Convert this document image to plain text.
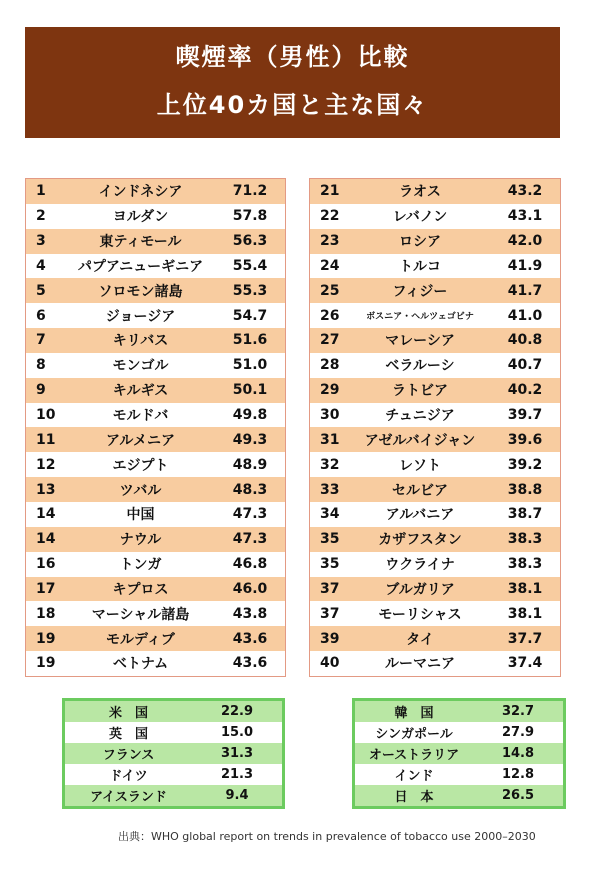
喫煙率（男性）比較
上位40カ国と主な国々
1	インドネシア	71.2
2	ヨルダン	57.8
3	東ティモール	56.3
4	パプアニューギニア	55.4
5	ソロモン諸島	55.3
6	ジョージア	54.7
7	キリバス	51.6
8	モンゴル	51.0
9	キルギス	50.1
10	モルドバ	49.8
11	アルメニア	49.3
12	エジプト	48.9
13	ツバル	48.3
14	中国	47.3
14	ナウル	47.3
16	トンガ	46.8
17	キプロス	46.0
18	マーシャル諸島	43.8
19	モルディブ	43.6
19	ベトナム	43.6
21	ラオス	43.2
22	レバノン	43.1
23	ロシア	42.0
24	トルコ	41.9
25	フィジー	41.7
26	ボスニア・ヘルツェゴビナ	41.0
27	マレーシア	40.8
28	ベラルーシ	40.7
29	ラトビア	40.2
30	チュニジア	39.7
31	アゼルバイジャン	39.6
32	レソト	39.2
33	セルビア	38.8
34	アルバニア	38.7
35	カザフスタン	38.3
35	ウクライナ	38.3
37	ブルガリア	38.1
37	モーリシャス	38.1
39	タイ	37.7
40	ルーマニア	37.4
米　国	22.9
英　国	15.0
フランス	31.3
ドイツ	21.3
アイスランド	9.4
韓　国	32.7
シンガポール	27.9
オーストラリア	14.8
インド	12.8
日　本	26.5
出典：WHO global report on trends in prevalence of tobacco use 2000–2030
